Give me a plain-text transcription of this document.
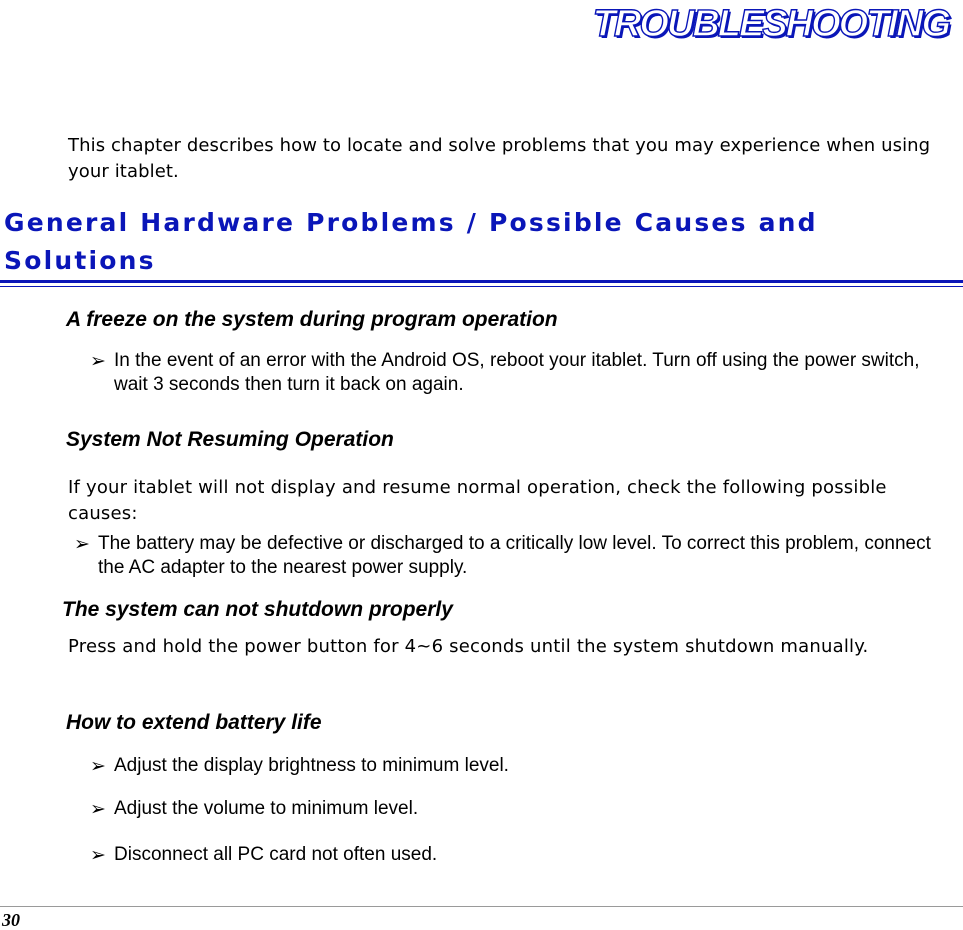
TROUBLESHOOTING

This chapter describes how to locate and solve problems that you may experience when using your itablet.

General Hardware Problems / Possible Causes and Solutions
A freeze on the system during program operation
➢ In the event of an error with the Android OS, reboot your itablet. Turn off using the power switch, wait 3 seconds then turn it back on again.
System Not Resuming Operation

If your itablet will not display and resume normal operation, check the following possible causes:

➢ The battery may be defective or discharged to a critically low level. To correct this problem, connect the AC adapter to the nearest power supply.
The system can not shutdown properly

Press and hold the power button for 4~6 seconds until the system shutdown manually.

How to extend battery life
➢ Adjust the display brightness to minimum level.
➢ Adjust the volume to minimum level.
➢ Disconnect all PC card not often used.

30
